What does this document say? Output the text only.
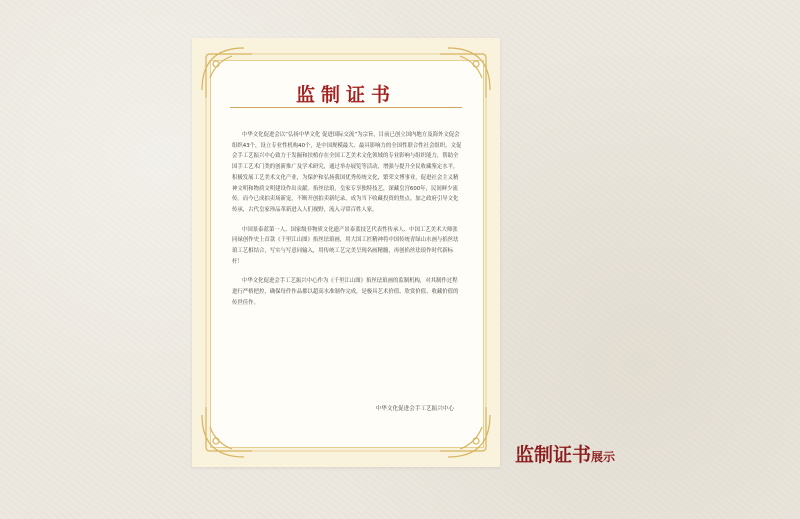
监制证书

中华文化促进会以“弘扬中华文化 促进国际交流”为宗旨，目前已创立国内地方及海外文促会组织43个，设立专业性机构40个，是中国规模最大、最具影响力的全国性联合性社会组织。文促会手工艺振兴中心致力于发掘和扶植存在全国工艺美术文化领域的专业影响与组织能力，帮助全国手工艺术门类的创新推广及学术研究，通过举办展览等活动，增强与提升全民收藏鉴定水平，积极发展工艺美术文化产业，为保护和弘扬我国优秀传统文化，繁荣文博事业，促进社会主义精神文明和物质文明建设作出贡献。掐丝珐琅，皇家专享独特技艺，深藏皇宫600年，民间鲜少流传。而今已成拍卖场新宠，不断开创拍卖新纪录，成为当下收藏投资的焦点。加之政府引导文化传承，古代皇家珍品革新进入人们视野，流入寻常百姓人家。

中国景泰蓝第一人、国家级非物质文化遗产景泰蓝技艺代表性传承人、中国工艺美术大师张同禄创作史上首款《千里江山图》掐丝珐琅画，用大国工匠精神将中国传统青绿山水画与掐丝珐琅工艺相结合，写实与写意同输入，用传统工艺完美呈现名画精髓，再创掐丝珐琅作时代新标杆！

中华文化促进会手工艺振兴中心作为《千里江山图》掐丝珐琅画的监制机构，对其制作过程进行严格把控，确保每件作品都以超高水准制作完成，是极具艺术价值、欣赏价值、收藏价值的传世佳作。

中华文化促进会手工艺振兴中心
监制证书展示
